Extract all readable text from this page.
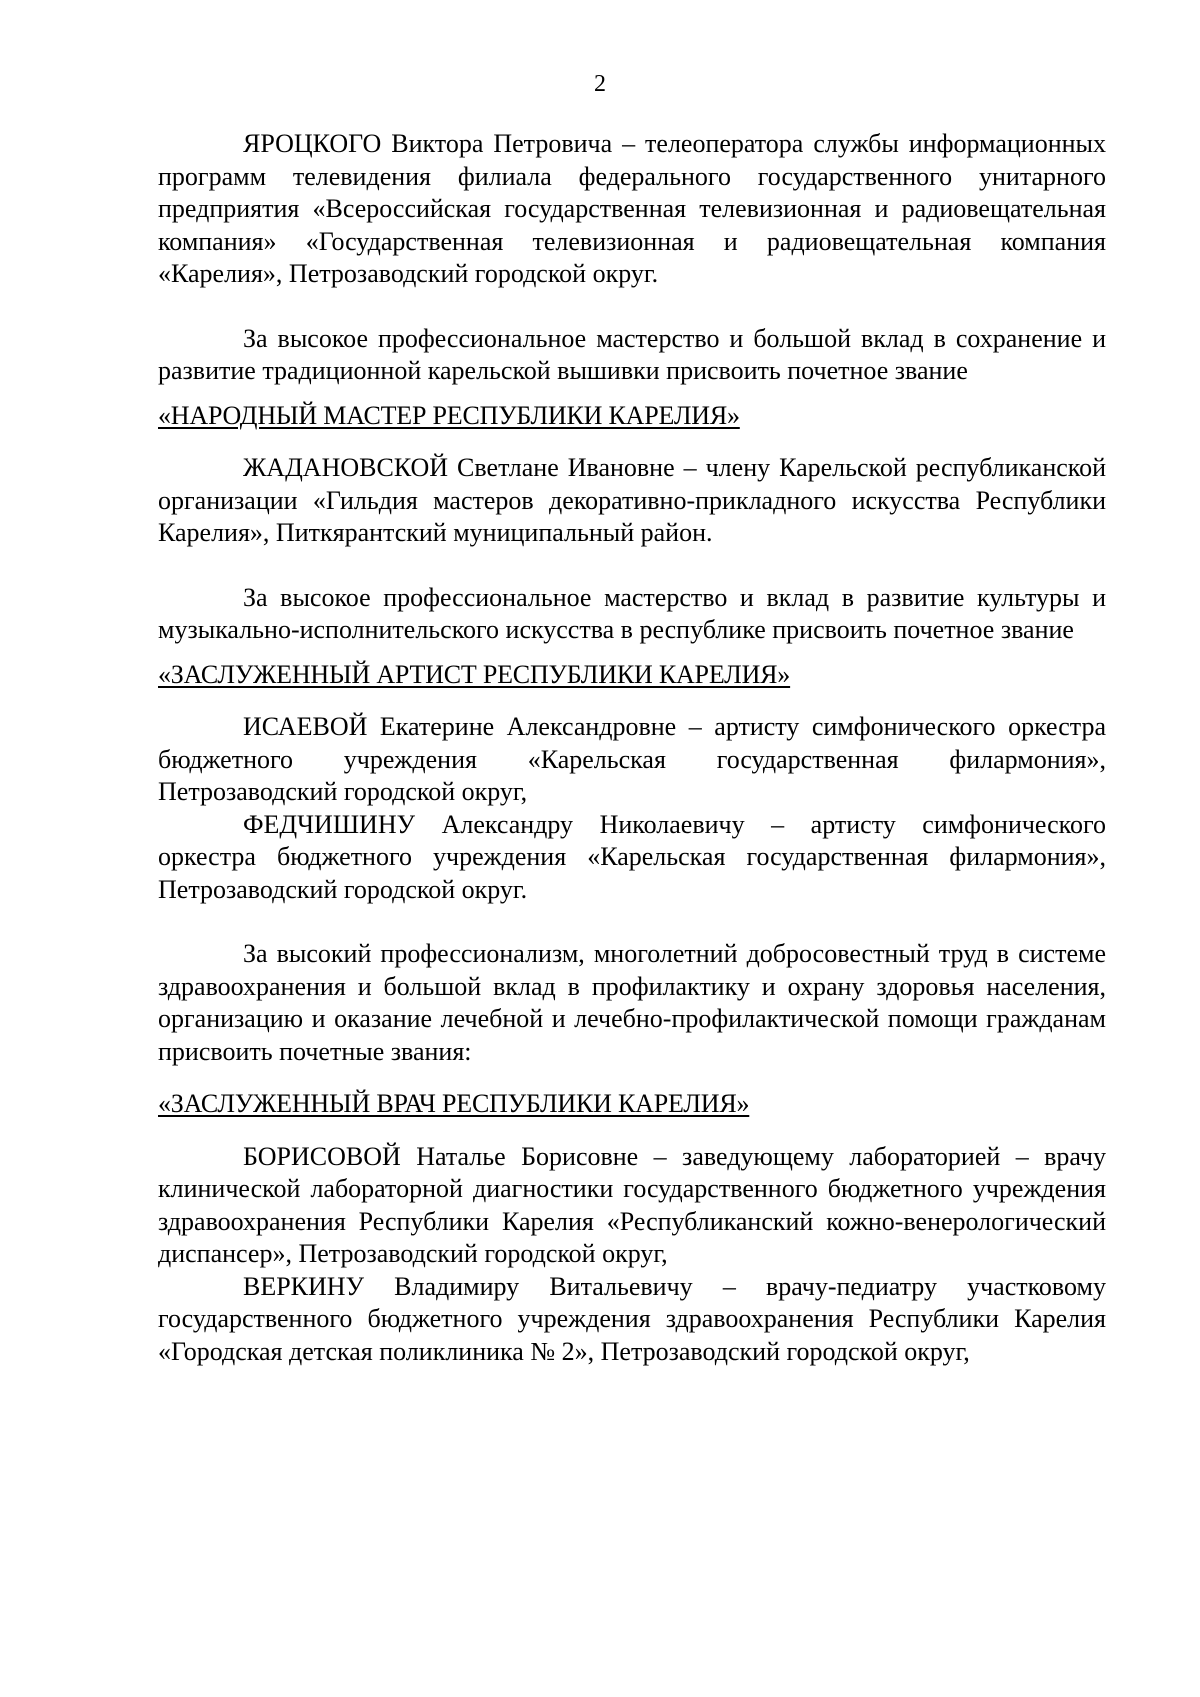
2

ЯРОЦКОГО Виктора Петровича – телеоператора службы информационных программ телевидения филиала федерального государственного унитарного предприятия «Всероссийская государственная телевизионная и радиовещательная компания» «Государственная телевизионная и радиовещательная компания «Карелия», Петрозаводский городской округ.

За высокое профессиональное мастерство и большой вклад в сохранение и развитие традиционной карельской вышивки присвоить почетное звание

«НАРОДНЫЙ МАСТЕР РЕСПУБЛИКИ КАРЕЛИЯ»

ЖАДАНОВСКОЙ Светлане Ивановне – члену Карельской республиканской организации «Гильдия мастеров декоративно-прикладного искусства Республики Карелия», Питкярантский муниципальный район.

За высокое профессиональное мастерство и вклад в развитие культуры и музыкально-исполнительского искусства в республике присвоить почетное звание

«ЗАСЛУЖЕННЫЙ АРТИСТ РЕСПУБЛИКИ КАРЕЛИЯ»

ИСАЕВОЙ Екатерине Александровне – артисту симфонического оркестра бюджетного учреждения «Карельская государственная филармония», Петрозаводский городской округ,

ФЕДЧИШИНУ Александру Николаевичу – артисту симфонического оркестра бюджетного учреждения «Карельская государственная филармония», Петрозаводский городской округ.

За высокий профессионализм, многолетний добросовестный труд в системе здравоохранения и большой вклад в профилактику и охрану здоровья населения, организацию и оказание лечебной и лечебно-профилактической помощи гражданам присвоить почетные звания:

«ЗАСЛУЖЕННЫЙ ВРАЧ РЕСПУБЛИКИ КАРЕЛИЯ»

БОРИСОВОЙ Наталье Борисовне – заведующему лабораторией – врачу клинической лабораторной диагностики государственного бюджетного учреждения здравоохранения Республики Карелия «Республиканский кожно-венерологический диспансер», Петрозаводский городской округ,

ВЕРКИНУ Владимиру Витальевичу – врачу-педиатру участковому государственного бюджетного учреждения здравоохранения Республики Карелия «Городская детская поликлиника № 2», Петрозаводский городской округ,
